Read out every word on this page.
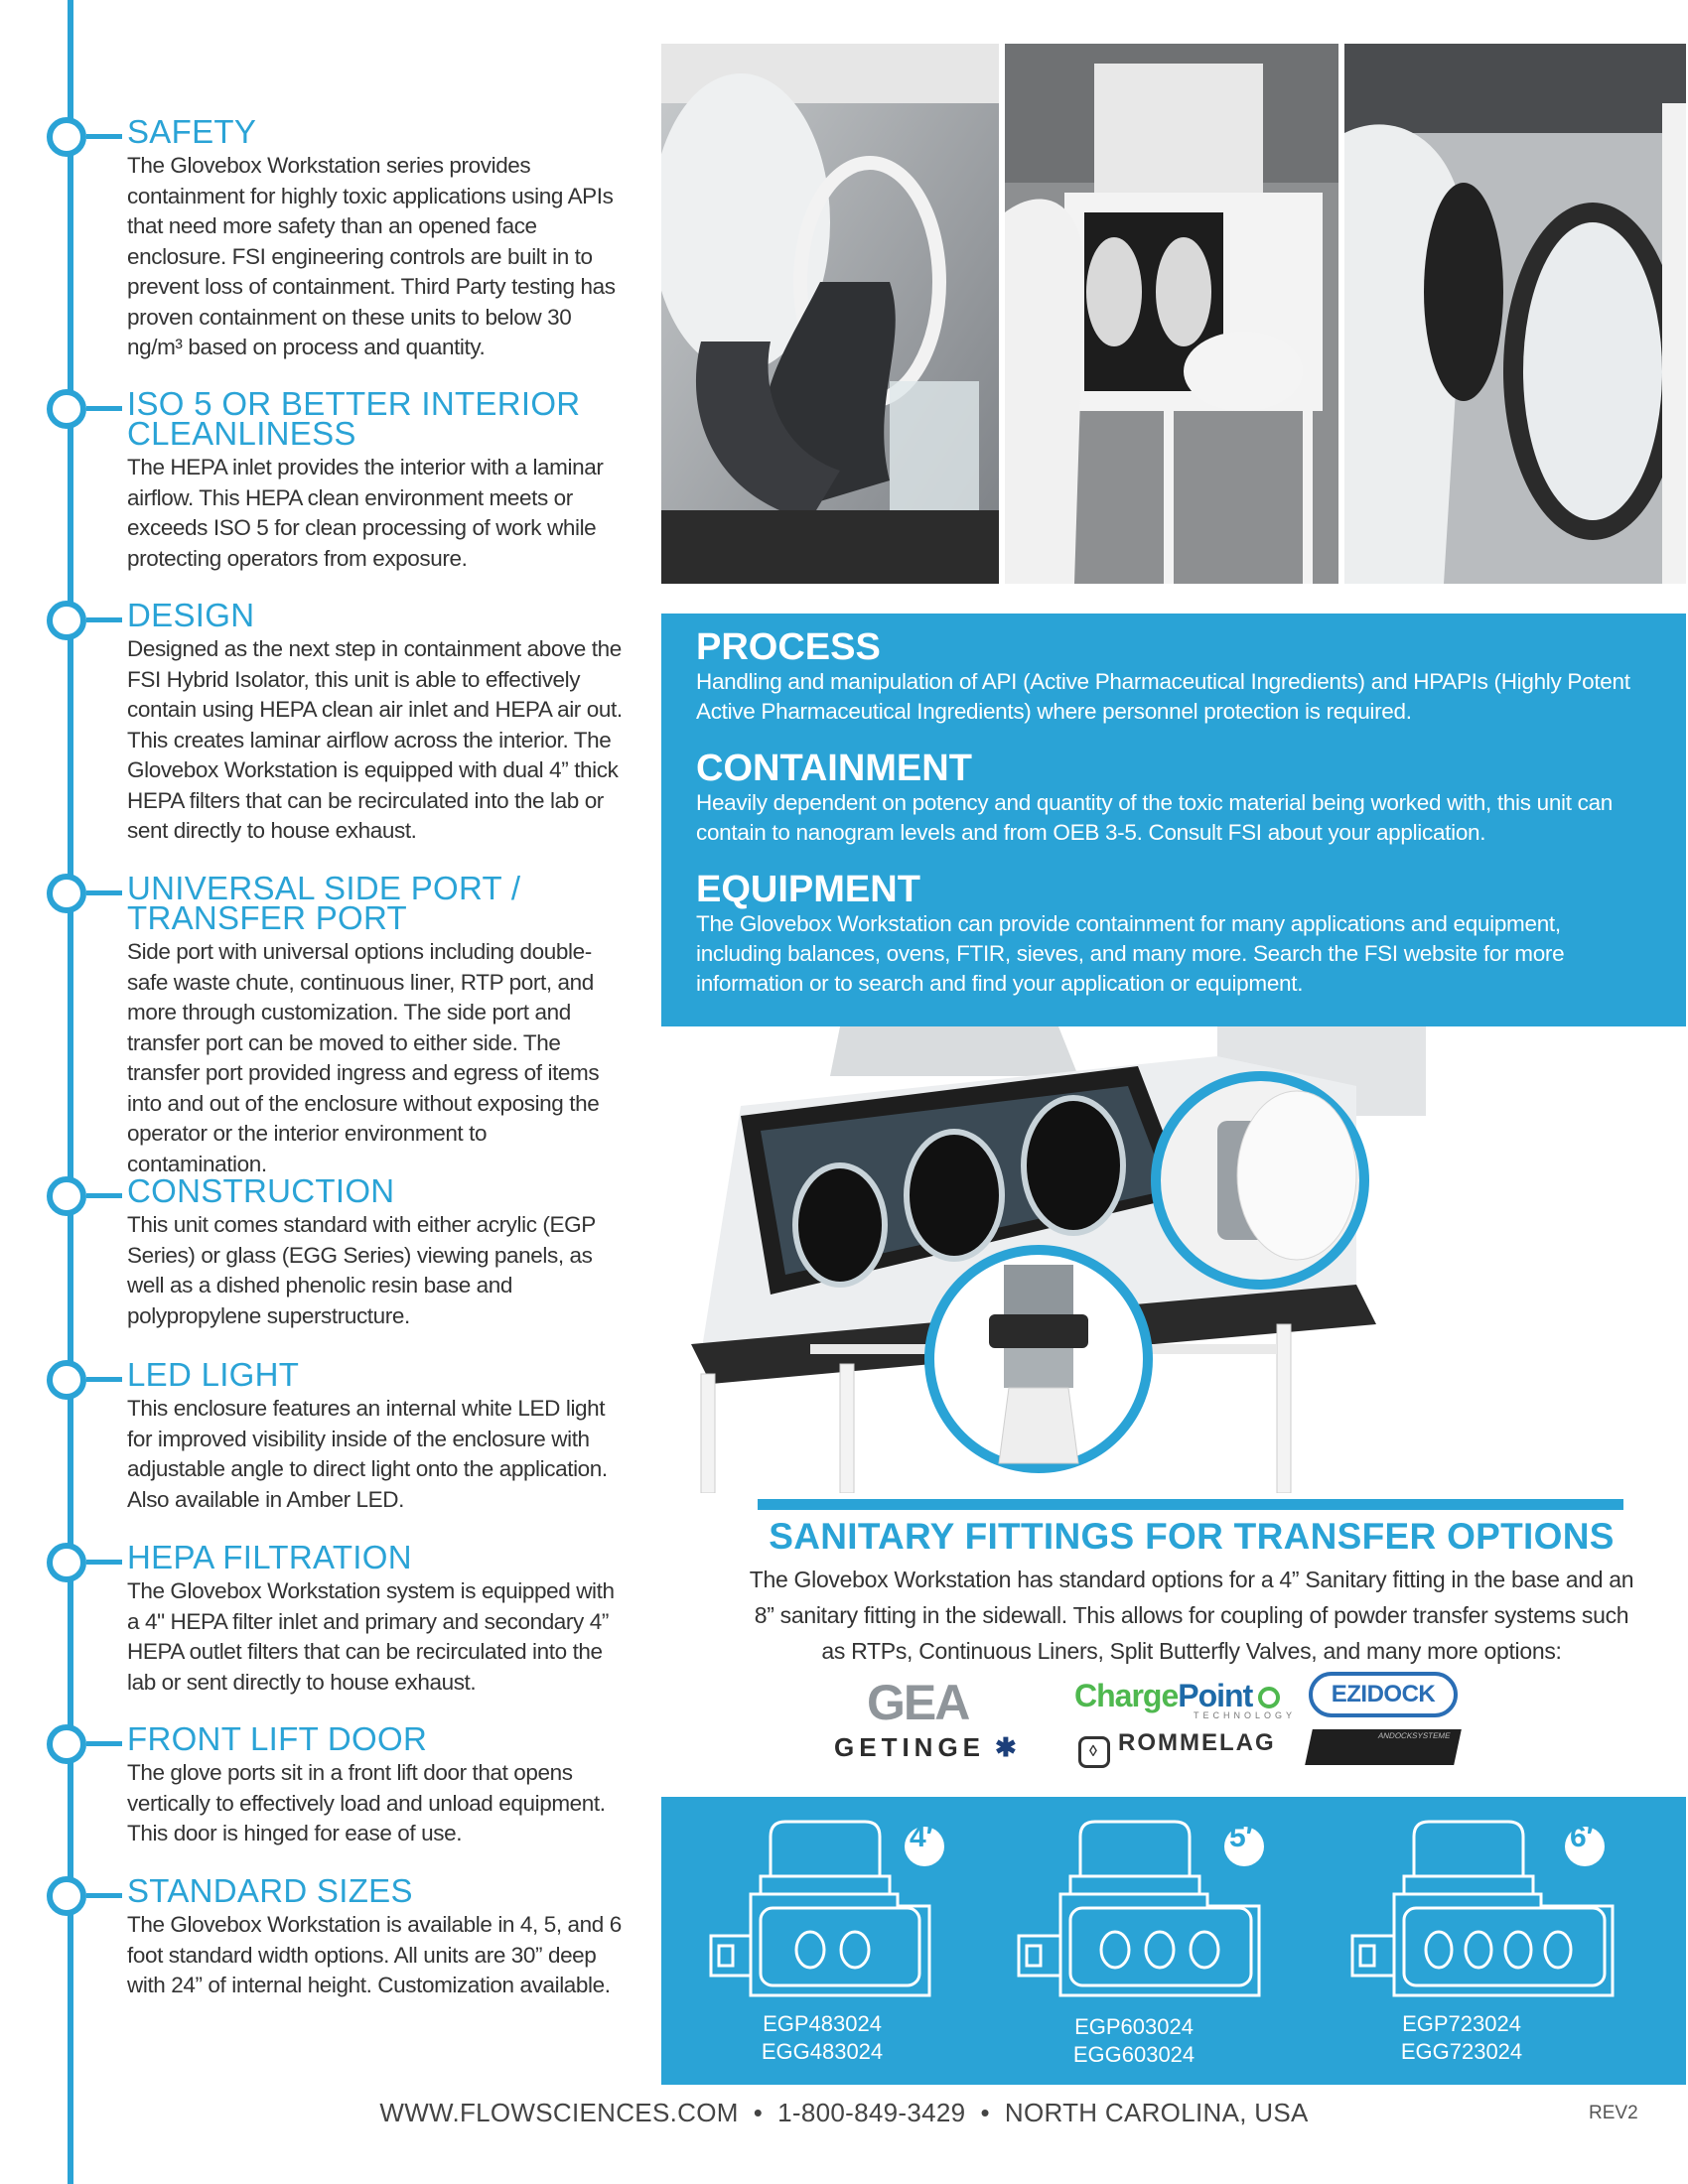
SAFETY

The Glovebox Workstation series provides containment for highly toxic applications using APIs that need more safety than an opened face enclosure. FSI engineering controls are built in to prevent loss of containment. Third Party testing has proven containment on these units to below 30 ng/m³ based on process and quantity.

ISO 5 OR BETTER INTERIOR CLEANLINESS

The HEPA inlet provides the interior with a laminar airflow. This HEPA clean environment meets or exceeds ISO 5 for clean processing of work while protecting operators from exposure.

DESIGN

Designed as the next step in containment above the FSI Hybrid Isolator, this unit is able to effectively contain using HEPA clean air inlet and HEPA air out. This creates laminar airflow across the interior. The Glovebox Workstation is equipped with dual 4” thick HEPA filters that can be recirculated into the lab or sent directly to house exhaust.

UNIVERSAL SIDE PORT / TRANSFER PORT

Side port with universal options including double-safe waste chute, continuous liner, RTP port, and more through customization. The side port and transfer port can be moved to either side. The transfer port provided ingress and egress of items into and out of the enclosure without exposing the operator or the interior environment to contamination.

CONSTRUCTION

This unit comes standard with either acrylic (EGP Series) or glass (EGG Series) viewing panels, as well as a dished phenolic resin base and polypropylene superstructure.

LED LIGHT

This enclosure features an internal white LED light for improved visibility inside of the enclosure with adjustable angle to direct light onto the application. Also available in Amber LED.

HEPA FILTRATION

The Glovebox Workstation system is equipped with a 4" HEPA filter inlet and primary and secondary 4” HEPA outlet filters that can be recirculated into the lab or sent directly to house exhaust.

FRONT LIFT DOOR

The glove ports sit in a front lift door that opens vertically to effectively load and unload equipment. This door is hinged for ease of use.

STANDARD SIZES

The Glovebox Workstation is available in 4, 5, and 6 foot standard width options. All units are 30” deep with 24” of internal height. Customization available.

PROCESS

Handling and manipulation of API (Active Pharmaceutical Ingredients) and HPAPIs (Highly Potent Active Pharmaceutical Ingredients) where personnel protection is required.

CONTAINMENT

Heavily dependent on potency and quantity of the toxic material being worked with, this unit can contain to nanogram levels and from OEB 3-5. Consult FSI about your application.

EQUIPMENT

The Glovebox Workstation can provide containment for many applications and equipment, including balances, ovens, FTIR, sieves, and many more. Search the FSI website for more information or to search and find your application or equipment.

SANITARY FITTINGS FOR TRANSFER OPTIONS
The Glovebox Workstation has standard options for a 4” Sanitary fitting in the base and an
8” sanitary fitting in the sidewall. This allows for coupling of powder transfer systems such
as RTPs, Continuous Liners, Split Butterfly Valves, and many more options:
GEA	ChargePoint
TECHNOLOGY
EZIDOCK
GETINGE ✱	◊ ROMMELAG	ANDOCKSYSTEME
4′
EGP483024
EGG483024
5′
EGP603024
EGG603024
6′
EGP723024
EGG723024
WWW.FLOWSCIENCES.COM  •  1-800-849-3429  •  NORTH CAROLINA, USA	REV2
